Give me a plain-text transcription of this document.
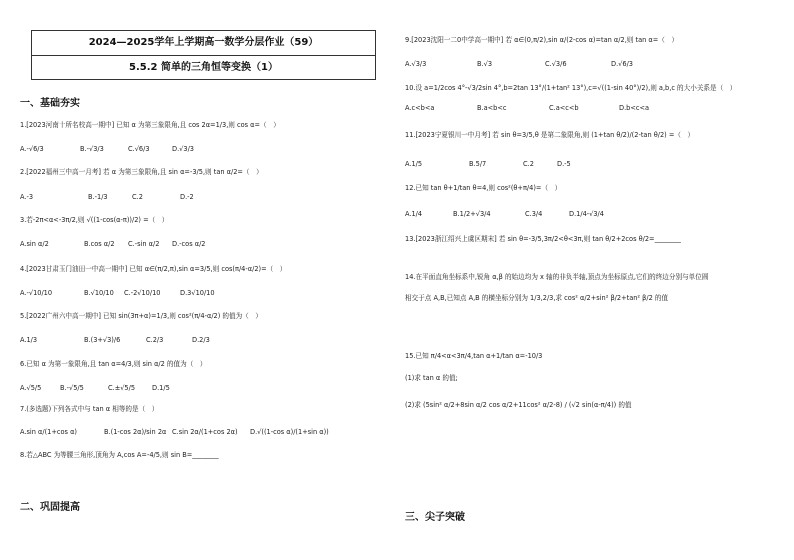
2024—2025学年上学期高一数学分层作业（59）
5.5.2 简单的三角恒等变换（1）
一、基础夯实
1.[2023河南十所名校高一期中] 已知 α 为第三象限角,且 cos 2α=1/3,则 cos α=（　）
A.-√6/3	B.-√3/3	C.√6/3	D.√3/3
2.[2022福州三中高一月考] 若 α 为第三象限角,且 sin α=-3/5,则 tan α/2=（　）
A.-3	B.-1/3	C.2	D.-2
3.若-2π<α<-3π/2,则 √((1-cos(α-π))/2) =（　）
A.sin α/2	B.cos α/2 C.-sin α/2 D.-cos α/2
4.[2023甘肃玉门油田一中高一期中] 已知 α∈(π/2,π),sin α=3/5,则 cos(π/4-α/2)=（　）
A.-√10/10	B.√10/10 C.-2√10/10	D.3√10/10
5.[2022广州六中高一期中] 已知 sin(3π+α)=1/3,则 cos²(π/4-α/2) 的值为（　）
A.1/3	B.(3+√3)/6	C.2/3	D.2/3
6.已知 α 为第一象限角,且 tan α=4/3,则 sin α/2 的值为（　）
A.√5/5	B.-√5/5	C.±√5/5	D.1/5
7.(多选题)下列各式中与 tan α 相等的是（　）
A.sin α/(1+cos α)	B.(1-cos 2α)/sin 2α C.sin 2α/(1+cos 2α) D.√((1-cos α)/(1+sin α))
8.若△ABC 为等腰三角形,顶角为 A,cos A=-4/5,则 sin B=________
二、巩固提高
9.[2023沈阳一二0中学高一期中] 若 α∈(0,π/2),sin α/(2-cos α)=tan α/2,则 tan α=（　）
A.√3/3	B.√3	C.√3/6	D.√6/3
10.设 a=1/2cos 4°-√3/2sin 4°,b=2tan 13°/(1+tan² 13°),c=√((1-sin 40°)/2),则 a,b,c 的大小关系是（　）
A.c<b<a	B.a<b<c	C.a<c<b	D.b<c<a
11.[2023宁夏银川一中月考] 若 sin θ=3/5,θ 是第二象限角,则 (1+tan θ/2)/(2-tan θ/2) =（　）
A.1/5	B.5/7	C.2	D.-5
12.已知 tan θ+1/tan θ=4,则 cos²(θ+π/4)=（　）
A.1/4	B.1/2+√3/4	C.3/4	D.1/4-√3/4
13.[2023浙江绍兴上虞区期末] 若 sin θ=-3/5,3π/2<θ<3π,则 tan θ/2+2cos θ/2=________
14.在平面直角坐标系中,锐角 α,β 的始边均为 x 轴的非负半轴,顶点为坐标原点,它们的终边分别与单位圆
相交于点 A,B,已知点 A,B 的横坐标分别为 1/3,2/3,求 cos² α/2+sin² β/2+tan² β/2 的值
15.已知 π/4<α<3π/4,tan α+1/tan α=-10/3
(1)求 tan α 的值;
(2)求 (5sin² α/2+8sin α/2 cos α/2+11cos² α/2-8) / (√2 sin(α-π/4)) 的值
三、尖子突破
